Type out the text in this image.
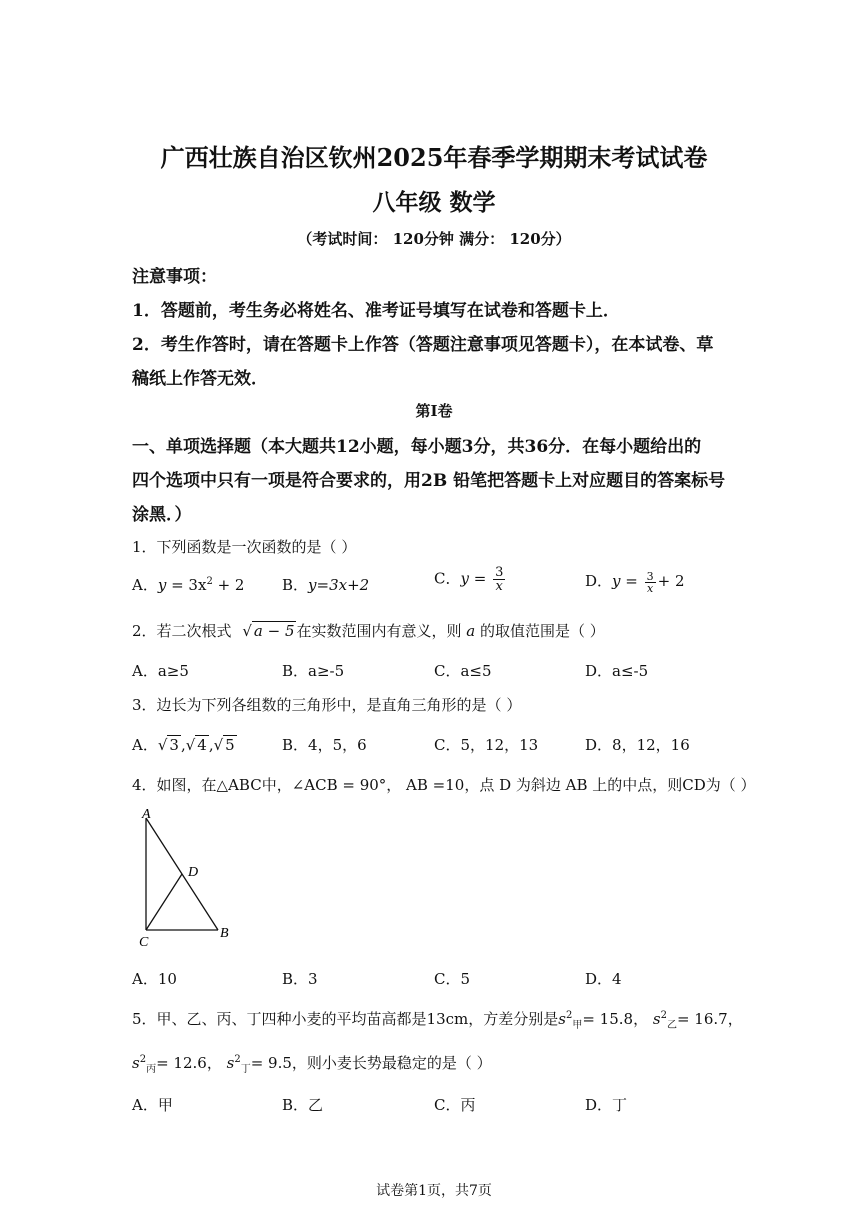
广西壮族自治区钦州2025年春季学期期末考试试卷
八年级 数学
（考试时间： 120分钟 满分： 120分）
注意事项：
1．答题前，考生务必将姓名、准考证号填写在试卷和答题卡上．
2．考生作答时，请在答题卡上作答（答题注意事项见答题卡），在本试卷、草
稿纸上作答无效．
第I卷
一、单项选择题（本大题共12小题，每小题3分，共36分．在每小题给出的
四个选项中只有一项是符合要求的，用2B 铅笔把答题卡上对应题目的答案标号
涂黑．）
1．下列函数是一次函数的是（ ）
A．$y = 3x^2 + 2$	B．y=3x+2	C．$y = \frac{3}{x}$	D．$y = \frac{3}{x} + 2$
2．若二次根式 √ a − 5 在实数范围内有意义，则 a 的取值范围是（ ）
A．a≥5	B．a≥-5	C．a≤5	D．a≤-5
3．边长为下列各组数的三角形中，是直角三角形的是（ ）
A．√ 3 ,√ 4 ,√ 5	B．4，5，6	C．5，12，13	D．8，12，16
4．如图，在△ABC中，∠ACB = 90°， AB =10，点 D 为斜边 AB 上的中点，则CD为（ ）
A
D
C
B
A．10	B．3	C．5	D．4
5．甲、乙、丙、丁四种小麦的平均苗高都是13cm，方差分别是$s^2_甲= 15.8$， $s^2_乙= 16.7$，
$s^2_丙= 12.6$， $s^2_丁= 9.5$，则小麦长势最稳定的是（ ）
A．甲	B．乙	C．丙	D．丁
试卷第1页，共7页
